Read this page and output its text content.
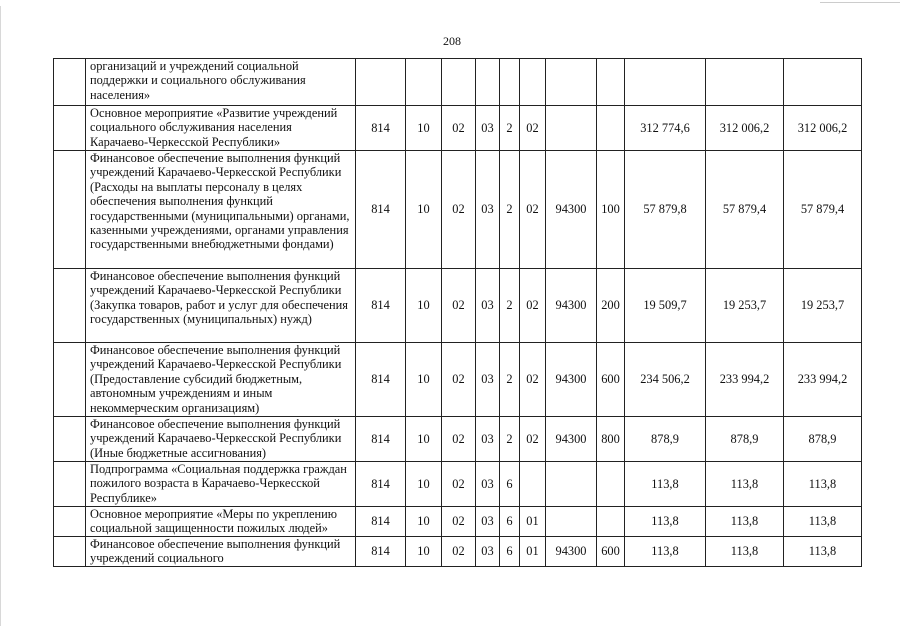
208
	организаций и учреждений социальной поддержки и социального обслуживания населения»											
	Основное мероприятие «Развитие учреждений социального обслуживания населения Карачаево-Черкесской Республики»	814	10	02	03	2	02			312 774,6	312 006,2	312 006,2
	Финансовое обеспечение выполнения функций учреждений Карачаево-Черкесской Республики (Расходы на выплаты персоналу в целях обеспечения выполнения функций государственными (муниципальными) органами, казенными учреждениями, органами управления государственными внебюджетными фондами)	814	10	02	03	2	02	94300	100	57 879,8	57 879,4	57 879,4
	Финансовое обеспечение выполнения функций учреждений Карачаево-Черкесской Республики (Закупка товаров, работ и услуг для обеспечения государственных (муниципальных) нужд)	814	10	02	03	2	02	94300	200	19 509,7	19 253,7	19 253,7
	Финансовое обеспечение выполнения функций учреждений Карачаево-Черкесской Республики (Предоставление субсидий бюджетным, автономным учреждениям и иным некоммерческим организациям)	814	10	02	03	2	02	94300	600	234 506,2	233 994,2	233 994,2
	Финансовое обеспечение выполнения функций учреждений Карачаево-Черкесской Республики (Иные бюджетные ассигнования)	814	10	02	03	2	02	94300	800	878,9	878,9	878,9
	Подпрограмма «Социальная поддержка граждан пожилого возраста в Карачаево-Черкесской Республике»	814	10	02	03	6				113,8	113,8	113,8
	Основное мероприятие «Меры по укреплению социальной защищенности пожилых людей»	814	10	02	03	6	01			113,8	113,8	113,8
	Финансовое обеспечение выполнения функций учреждений социального	814	10	02	03	6	01	94300	600	113,8	113,8	113,8
